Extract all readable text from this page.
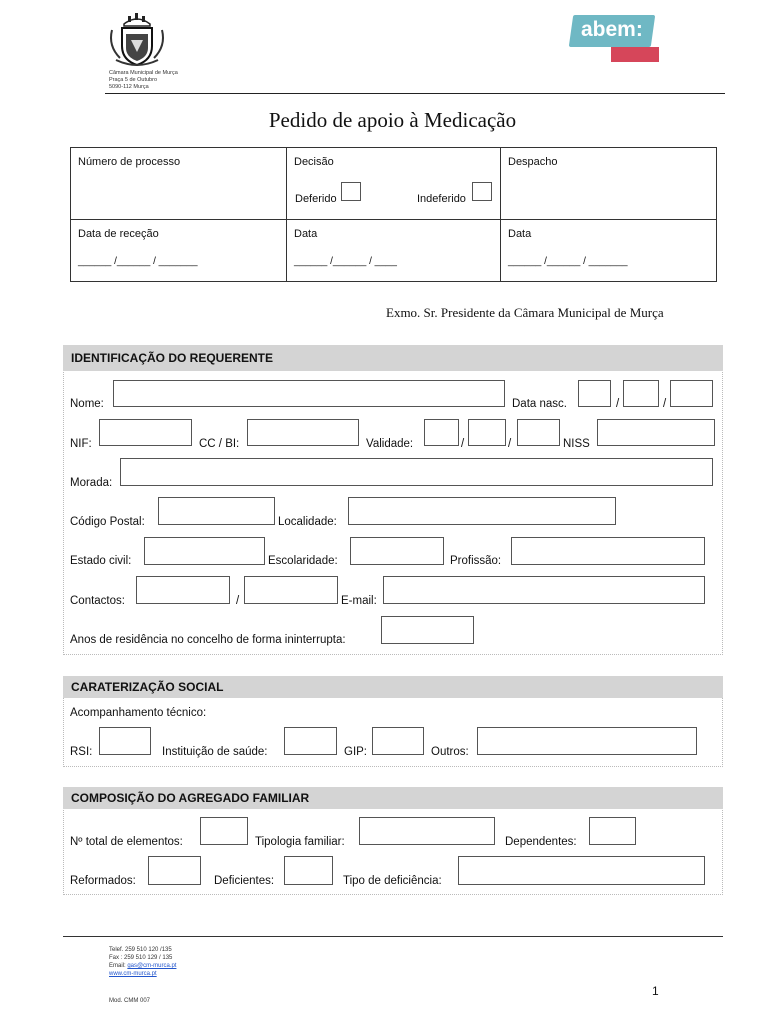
Câmara Municipal de Murça
Praça 5 de Outubro
5090-112 Murça
abem:
Pedido de apoio à Medicação
Número de processo	Decisão	Despacho
Deferido	Indeferido
Data de receção	Data	Data
______ /______ / _______	______ /______ / ____	______ /______ / _______
Exmo. Sr. Presidente da Câmara Municipal de Murça
IDENTIFICAÇÃO DO REQUERENTE
Nome:	Data nasc.	/	/
NIF:	CC / BI:	Validade:	/	/	NISS
Morada:
Código Postal:	Localidade:
Estado civil:	Escolaridade:	Profissão:
Contactos:	/	E-mail:
Anos de residência no concelho de forma ininterrupta:
CARATERIZAÇÃO SOCIAL
Acompanhamento técnico:
RSI:	Instituição de saúde:	GIP:	Outros:
COMPOSIÇÃO DO AGREGADO FAMILIAR
Nº total de elementos:	Tipologia familiar:	Dependentes:
Reformados:	Deficientes:	Tipo de deficiência:
Telef. 259 510 120 /135
Fax : 259 510 129 / 135
Email: gas@cm-murca.pt
www.cm-murca.pt
1
Mod. CMM 007
